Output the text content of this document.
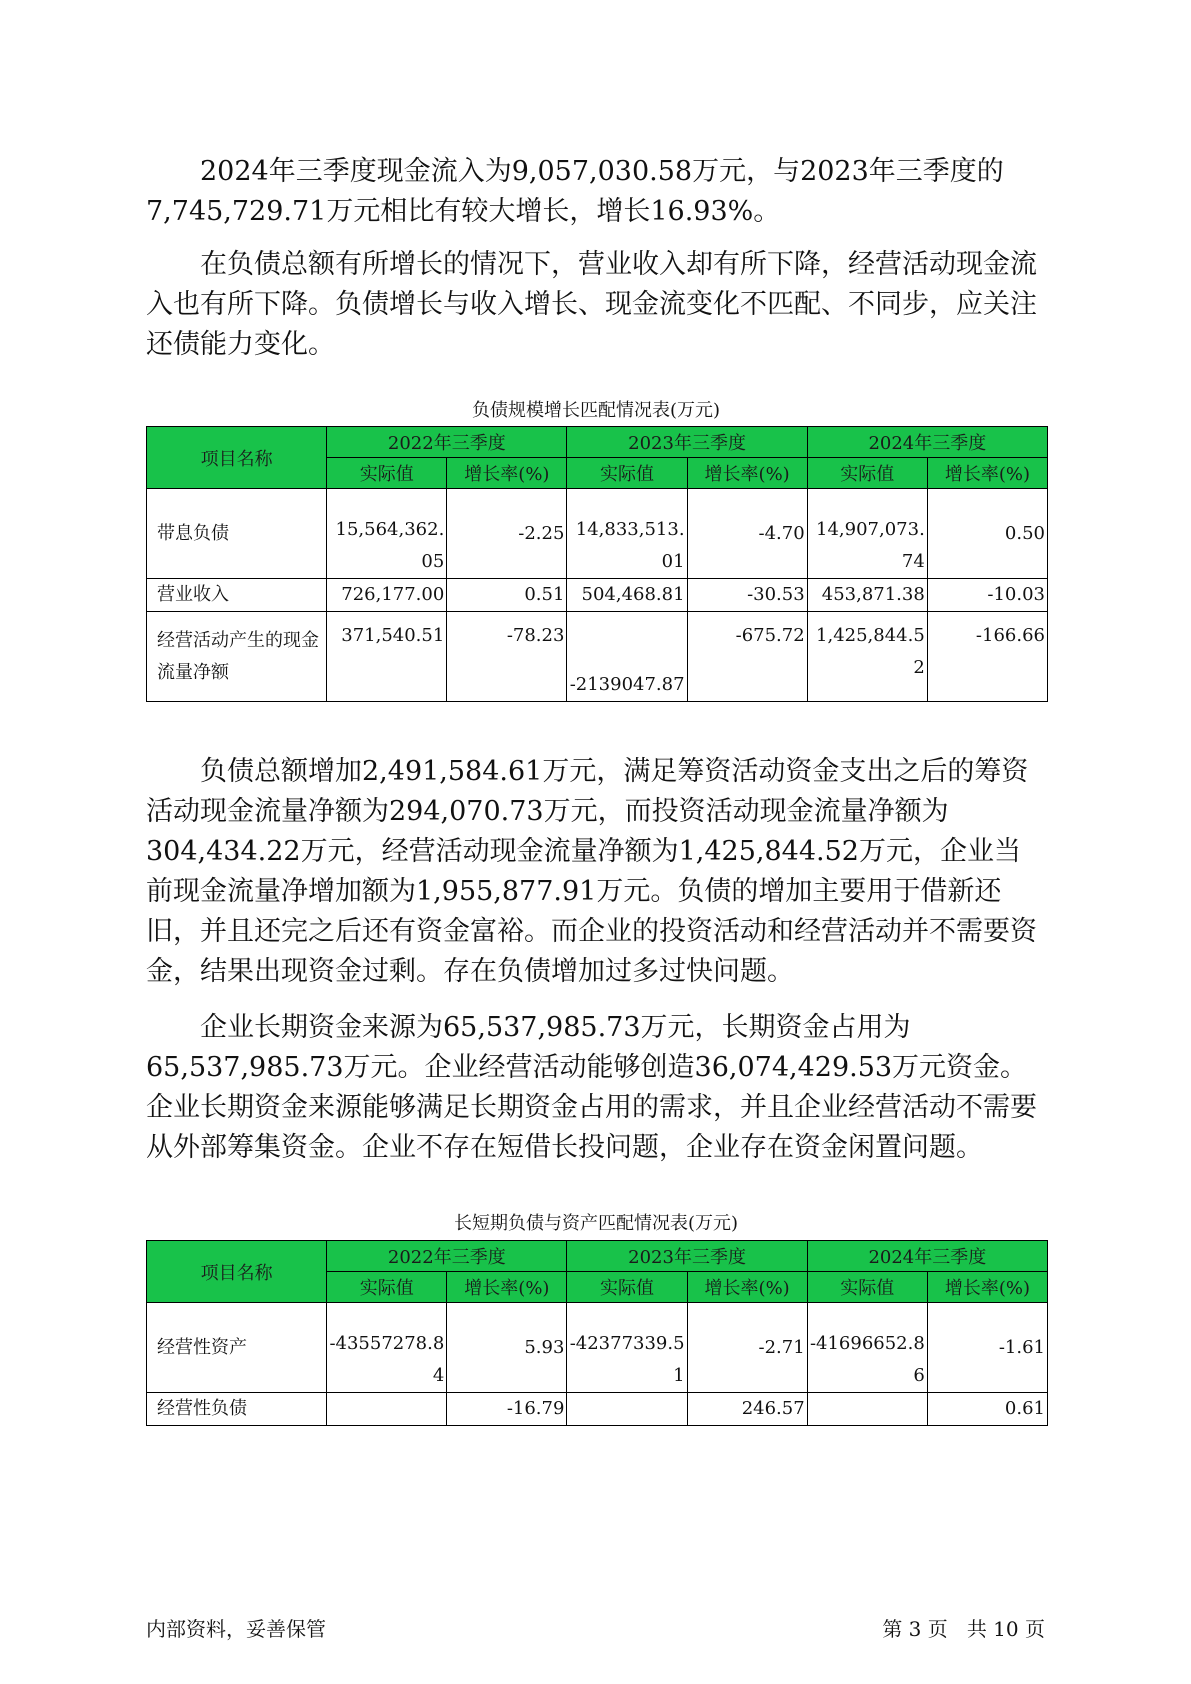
2024年三季度现金流入为9,057,030.58万元，与2023年三季度的7,745,729.71万元相比有较大增长，增长16.93%。

在负债总额有所增长的情况下，营业收入却有所下降，经营活动现金流入也有所下降。负债增长与收入增长、现金流变化不匹配、不同步，应关注还债能力变化。

负债规模增长匹配情况表(万元)
项目名称	2022年三季度		2023年三季度		2024年三季度	
	实际值	增长率(%)	实际值	增长率(%)	实际值	增长率(%)
带息负债	15,564,362.05	-2.25	14,833,513.01	-4.70	14,907,073.74	0.50
营业收入	726,177.00	0.51	504,468.81	-30.53	453,871.38	-10.03
经营活动产生的现金流量净额	371,540.51	-78.23	-2139047.87	-675.72	1,425,844.52	-166.66

负债总额增加2,491,584.61万元，满足筹资活动资金支出之后的筹资活动现金流量净额为294,070.73万元，而投资活动现金流量净额为304,434.22万元，经营活动现金流量净额为1,425,844.52万元，企业当前现金流量净增加额为1,955,877.91万元。负债的增加主要用于借新还旧，并且还完之后还有资金富裕。而企业的投资活动和经营活动并不需要资金，结果出现资金过剩。存在负债增加过多过快问题。

企业长期资金来源为65,537,985.73万元，长期资金占用为65,537,985.73万元。企业经营活动能够创造36,074,429.53万元资金。企业长期资金来源能够满足长期资金占用的需求，并且企业经营活动不需要从外部筹集资金。企业不存在短借长投问题，企业存在资金闲置问题。

长短期负债与资产匹配情况表(万元)
项目名称	2022年三季度		2023年三季度		2024年三季度	
	实际值	增长率(%)	实际值	增长率(%)	实际值	增长率(%)
经营性资产	-43557278.84	5.93	-42377339.51	-2.71	-41696652.86	-1.61
经营性负债		-16.79		246.57		0.61
内部资料，妥善保管	第 3 页   共 10 页
